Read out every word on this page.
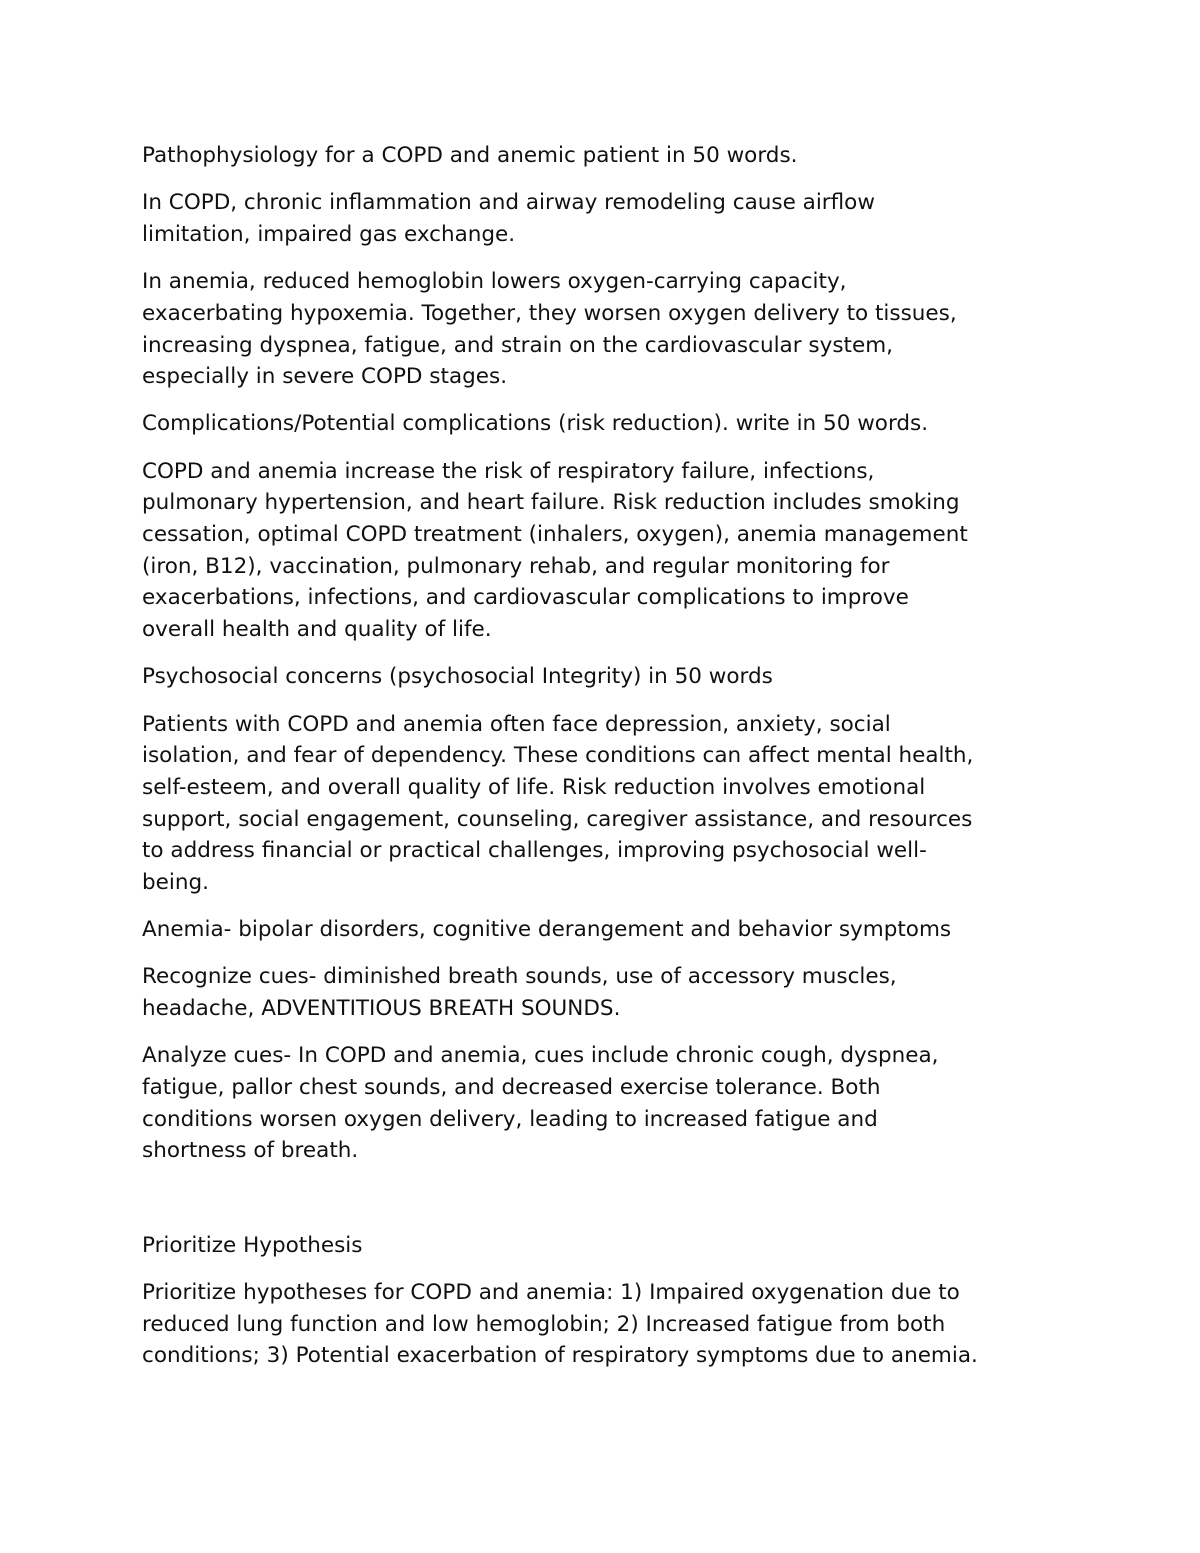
Pathophysiology for a COPD and anemic patient in 50 words.

In COPD, chronic inflammation and airway remodeling cause airflow
limitation, impaired gas exchange.

In anemia, reduced hemoglobin lowers oxygen-carrying capacity,
exacerbating hypoxemia. Together, they worsen oxygen delivery to tissues,
increasing dyspnea, fatigue, and strain on the cardiovascular system,
especially in severe COPD stages.

Complications/Potential complications (risk reduction). write in 50 words.

COPD and anemia increase the risk of respiratory failure, infections,
pulmonary hypertension, and heart failure. Risk reduction includes smoking
cessation, optimal COPD treatment (inhalers, oxygen), anemia management
(iron, B12), vaccination, pulmonary rehab, and regular monitoring for
exacerbations, infections, and cardiovascular complications to improve
overall health and quality of life.

Psychosocial concerns (psychosocial Integrity) in 50 words

Patients with COPD and anemia often face depression, anxiety, social
isolation, and fear of dependency. These conditions can affect mental health,
self-esteem, and overall quality of life. Risk reduction involves emotional
support, social engagement, counseling, caregiver assistance, and resources
to address financial or practical challenges, improving psychosocial well-
being.

Anemia- bipolar disorders, cognitive derangement and behavior symptoms

Recognize cues- diminished breath sounds, use of accessory muscles,
headache, ADVENTITIOUS BREATH SOUNDS.

Analyze cues- In COPD and anemia, cues include chronic cough, dyspnea,
fatigue, pallor chest sounds, and decreased exercise tolerance. Both
conditions worsen oxygen delivery, leading to increased fatigue and
shortness of breath.

Prioritize Hypothesis

Prioritize hypotheses for COPD and anemia: 1) Impaired oxygenation due to
reduced lung function and low hemoglobin; 2) Increased fatigue from both
conditions; 3) Potential exacerbation of respiratory symptoms due to anemia.
